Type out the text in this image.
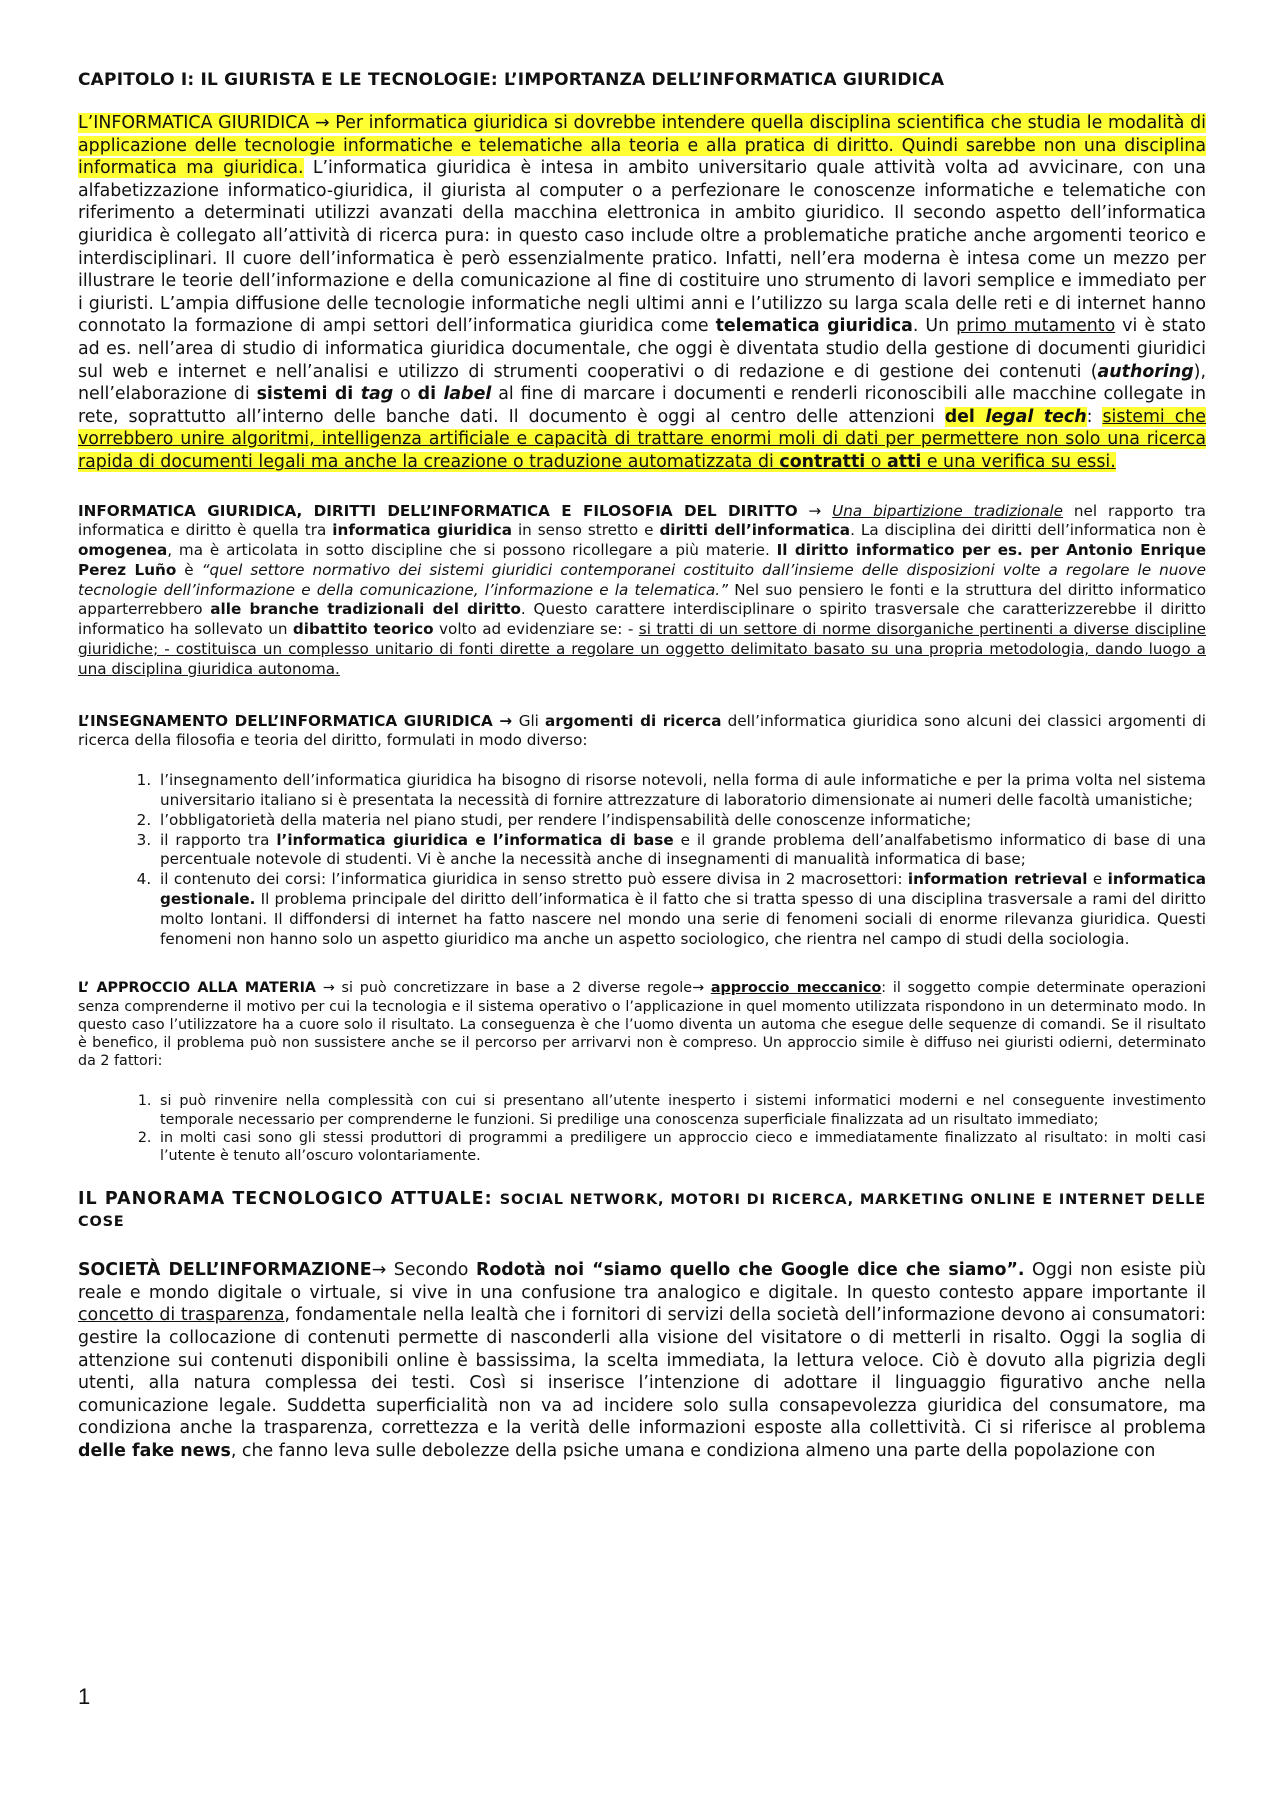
CAPITOLO I: IL GIURISTA E LE TECNOLOGIE: L’IMPORTANZA DELL’INFORMATICA GIURIDICA

L’INFORMATICA GIURIDICA → Per informatica giuridica si dovrebbe intendere quella disciplina scientifica che studia le modalità di applicazione delle tecnologie informatiche e telematiche alla teoria e alla pratica di diritto. Quindi sarebbe non una disciplina informatica ma giuridica. L’informatica giuridica è intesa in ambito universitario quale attività volta ad avvicinare, con una alfabetizzazione informatico-giuridica, il giurista al computer o a perfezionare le conoscenze informatiche e telematiche con riferimento a determinati utilizzi avanzati della macchina elettronica in ambito giuridico. Il secondo aspetto dell’informatica giuridica è collegato all’attività di ricerca pura: in questo caso include oltre a problematiche pratiche anche argomenti teorico e interdisciplinari. Il cuore dell’informatica è però essenzialmente pratico. Infatti, nell’era moderna è intesa come un mezzo per illustrare le teorie dell’informazione e della comunicazione al fine di costituire uno strumento di lavori semplice e immediato per i giuristi. L’ampia diffusione delle tecnologie informatiche negli ultimi anni e l’utilizzo su larga scala delle reti e di internet hanno connotato la formazione di ampi settori dell’informatica giuridica come telematica giuridica. Un primo mutamento vi è stato ad es. nell’area di studio di informatica giuridica documentale, che oggi è diventata studio della gestione di documenti giuridici sul web e internet e nell’analisi e utilizzo di strumenti cooperativi o di redazione e di gestione dei contenuti (authoring), nell’elaborazione di sistemi di tag o di label al fine di marcare i documenti e renderli riconoscibili alle macchine collegate in rete, soprattutto all’interno delle banche dati. Il documento è oggi al centro delle attenzioni del legal tech: sistemi che vorrebbero unire algoritmi, intelligenza artificiale e capacità di trattare enormi moli di dati per permettere non solo una ricerca rapida di documenti legali ma anche la creazione o traduzione automatizzata di contratti o atti e una verifica su essi.

INFORMATICA GIURIDICA, DIRITTI DELL’INFORMATICA E FILOSOFIA DEL DIRITTO → Una bipartizione tradizionale nel rapporto tra informatica e diritto è quella tra informatica giuridica in senso stretto e diritti dell’informatica. La disciplina dei diritti dell’informatica non è omogenea, ma è articolata in sotto discipline che si possono ricollegare a più materie. Il diritto informatico per es. per Antonio Enrique Perez Luño è “quel settore normativo dei sistemi giuridici contemporanei costituito dall’insieme delle disposizioni volte a regolare le nuove tecnologie dell’informazione e della comunicazione, l’informazione e la telematica.” Nel suo pensiero le fonti e la struttura del diritto informatico apparterrebbero alle branche tradizionali del diritto. Questo carattere interdisciplinare o spirito trasversale che caratterizzerebbe il diritto informatico ha sollevato un dibattito teorico volto ad evidenziare se: - si tratti di un settore di norme disorganiche pertinenti a diverse discipline giuridiche; - costituisca un complesso unitario di fonti dirette a regolare un oggetto delimitato basato su una propria metodologia, dando luogo a una disciplina giuridica autonoma.

L’INSEGNAMENTO DELL’INFORMATICA GIURIDICA → Gli argomenti di ricerca dell’informatica giuridica sono alcuni dei classici argomenti di ricerca della filosofia e teoria del diritto, formulati in modo diverso:

1. l’insegnamento dell’informatica giuridica ha bisogno di risorse notevoli, nella forma di aule informatiche e per la prima volta nel sistema universitario italiano si è presentata la necessità di fornire attrezzature di laboratorio dimensionate ai numeri delle facoltà umanistiche;
2. l’obbligatorietà della materia nel piano studi, per rendere l’indispensabilità delle conoscenze informatiche;
3. il rapporto tra l’informatica giuridica e l’informatica di base e il grande problema dell’analfabetismo informatico di base di una percentuale notevole di studenti. Vi è anche la necessità anche di insegnamenti di manualità informatica di base;
4. il contenuto dei corsi: l’informatica giuridica in senso stretto può essere divisa in 2 macrosettori: information retrieval e informatica gestionale. Il problema principale del diritto dell’informatica è il fatto che si tratta spesso di una disciplina trasversale a rami del diritto molto lontani. Il diffondersi di internet ha fatto nascere nel mondo una serie di fenomeni sociali di enorme rilevanza giuridica. Questi fenomeni non hanno solo un aspetto giuridico ma anche un aspetto sociologico, che rientra nel campo di studi della sociologia.

L’ APPROCCIO ALLA MATERIA → si può concretizzare in base a 2 diverse regole→ approccio meccanico: il soggetto compie determinate operazioni senza comprenderne il motivo per cui la tecnologia e il sistema operativo o l’applicazione in quel momento utilizzata rispondono in un determinato modo. In questo caso l’utilizzatore ha a cuore solo il risultato. La conseguenza è che l’uomo diventa un automa che esegue delle sequenze di comandi. Se il risultato è benefico, il problema può non sussistere anche se il percorso per arrivarvi non è compreso. Un approccio simile è diffuso nei giuristi odierni, determinato da 2 fattori:

1. si può rinvenire nella complessità con cui si presentano all’utente inesperto i sistemi informatici moderni e nel conseguente investimento temporale necessario per comprenderne le funzioni. Si predilige una conoscenza superficiale finalizzata ad un risultato immediato;
2. in molti casi sono gli stessi produttori di programmi a prediligere un approccio cieco e immediatamente finalizzato al risultato: in molti casi l’utente è tenuto all’oscuro volontariamente.

IL PANORAMA TECNOLOGICO ATTUALE: SOCIAL NETWORK, MOTORI DI RICERCA, MARKETING ONLINE E INTERNET DELLE COSE

SOCIETÀ DELL’INFORMAZIONE→ Secondo Rodotà noi “siamo quello che Google dice che siamo”. Oggi non esiste più reale e mondo digitale o virtuale, si vive in una confusione tra analogico e digitale. In questo contesto appare importante il concetto di trasparenza, fondamentale nella lealtà che i fornitori di servizi della società dell’informazione devono ai consumatori: gestire la collocazione di contenuti permette di nasconderli alla visione del visitatore o di metterli in risalto. Oggi la soglia di attenzione sui contenuti disponibili online è bassissima, la scelta immediata, la lettura veloce. Ciò è dovuto alla pigrizia degli utenti, alla natura complessa dei testi. Così si inserisce l’intenzione di adottare il linguaggio figurativo anche nella comunicazione legale. Suddetta superficialità non va ad incidere solo sulla consapevolezza giuridica del consumatore, ma condiziona anche la trasparenza, correttezza e la verità delle informazioni esposte alla collettività. Ci si riferisce al problema delle fake news, che fanno leva sulle debolezze della psiche umana e condiziona almeno una parte della popolazione con

1
